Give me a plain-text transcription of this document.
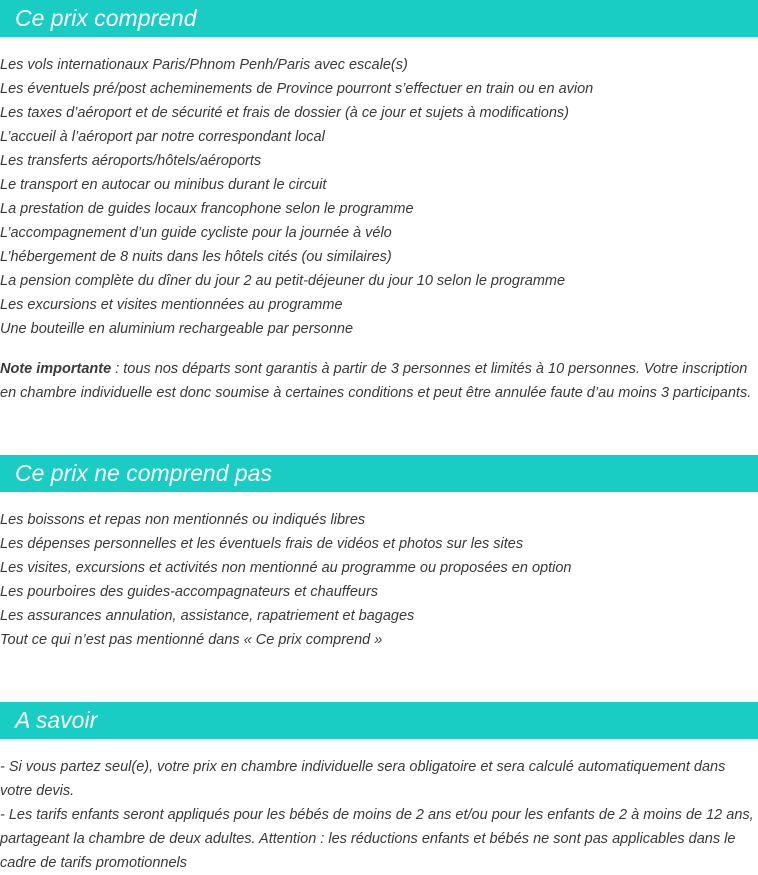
Ce prix comprend
Les vols internationaux Paris/Phnom Penh/Paris avec escale(s)
Les éventuels pré/post acheminements de Province pourront s’effectuer en train ou en avion
Les taxes d’aéroport et de sécurité et frais de dossier (à ce jour et sujets à modifications)
L’accueil à l’aéroport par notre correspondant local
Les transferts aéroports/hôtels/aéroports
Le transport en autocar ou minibus durant le circuit
La prestation de guides locaux francophone selon le programme
L’accompagnement d’un guide cycliste pour la journée à vélo
L’hébergement de 8 nuits dans les hôtels cités (ou similaires)
La pension complète du dîner du jour 2 au petit-déjeuner du jour 10 selon le programme
Les excursions et visites mentionnées au programme
Une bouteille en aluminium rechargeable par personne

Note importante : tous nos départs sont garantis à partir de 3 personnes et limités à 10 personnes. Votre inscription en chambre individuelle est donc soumise à certaines conditions et peut être annulée faute d’au moins 3 participants.

Ce prix ne comprend pas
Les boissons et repas non mentionnés ou indiqués libres
Les dépenses personnelles et les éventuels frais de vidéos et photos sur les sites
Les visites, excursions et activités non mentionné au programme ou proposées en option
Les pourboires des guides-accompagnateurs et chauffeurs
Les assurances annulation, assistance, rapatriement et bagages
Tout ce qui n’est pas mentionné dans « Ce prix comprend »
A savoir

- Si vous partez seul(e), votre prix en chambre individuelle sera obligatoire et sera calculé automatiquement dans votre devis.

- Les tarifs enfants seront appliqués pour les bébés de moins de 2 ans et/ou pour les enfants de 2 à moins de 12 ans, partageant la chambre de deux adultes. Attention : les réductions enfants et bébés ne sont pas applicables dans le cadre de tarifs promotionnels
